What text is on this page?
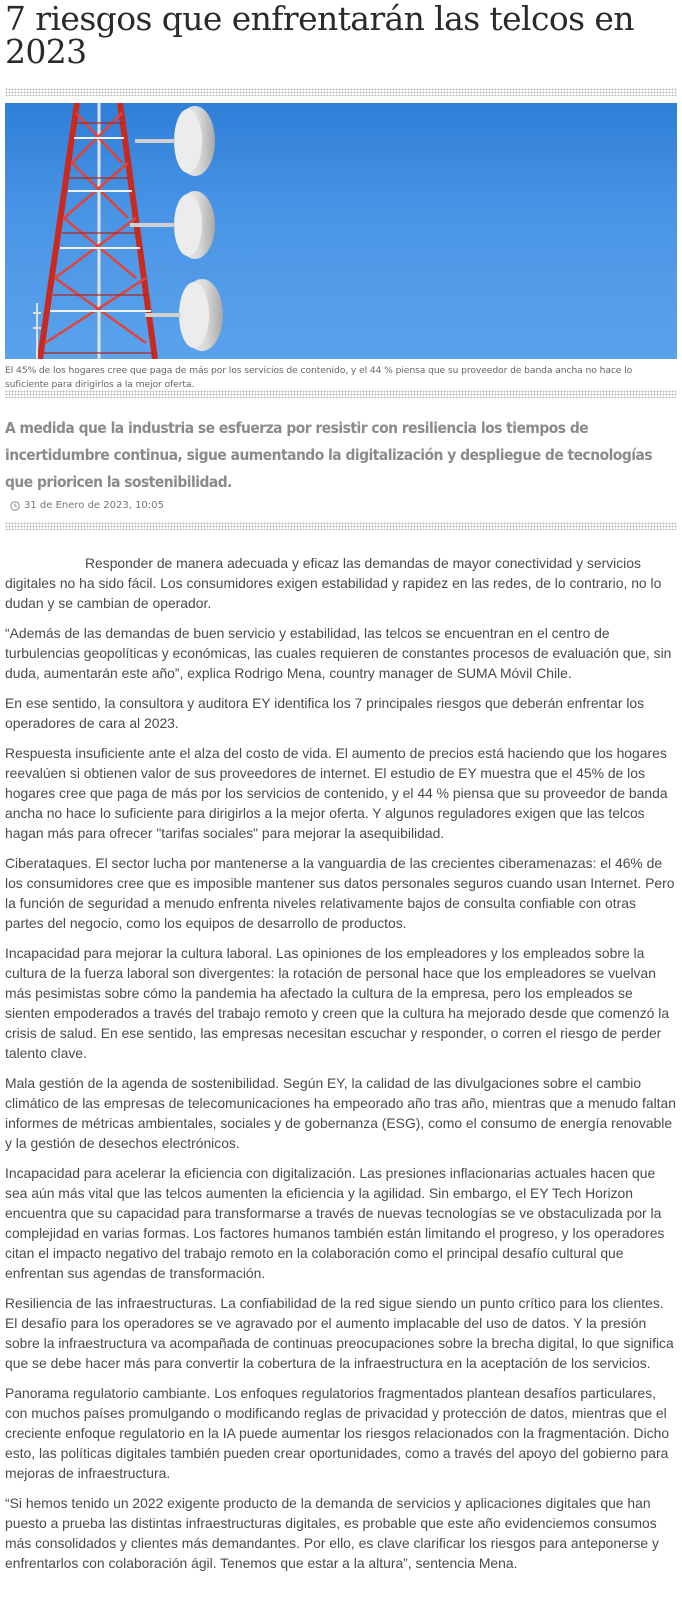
7 riesgos que enfrentarán las telcos en 2023
El 45% de los hogares cree que paga de más por los servicios de contenido, y el 44 % piensa que su proveedor de banda ancha no hace lo suficiente para dirigirlos a la mejor oferta.

A medida que la industria se esfuerza por resistir con resiliencia los tiempos de incertidumbre continua, sigue aumentando la digitalización y despliegue de tecnologías que prioricen la sostenibilidad.

31 de Enero de 2023, 10:05

Responder de manera adecuada y eficaz las demandas de mayor conectividad y servicios digitales no ha sido fácil. Los consumidores exigen estabilidad y rapidez en las redes, de lo contrario, no lo dudan y se cambian de operador.

“Además de las demandas de buen servicio y estabilidad, las telcos se encuentran en el centro de turbulencias geopolíticas y económicas, las cuales requieren de constantes procesos de evaluación que, sin duda, aumentarán este año”, explica Rodrigo Mena, country manager de SUMA Móvil Chile.

En ese sentido, la consultora y auditora EY identifica los 7 principales riesgos que deberán enfrentar los operadores de cara al 2023.

Respuesta insuficiente ante el alza del costo de vida. El aumento de precios está haciendo que los hogares reevalúen si obtienen valor de sus proveedores de internet. El estudio de EY muestra que el 45% de los hogares cree que paga de más por los servicios de contenido, y el 44 % piensa que su proveedor de banda ancha no hace lo suficiente para dirigirlos a la mejor oferta. Y algunos reguladores exigen que las telcos hagan más para ofrecer "tarifas sociales" para mejorar la asequibilidad.

Ciberataques. El sector lucha por mantenerse a la vanguardia de las crecientes ciberamenazas: el 46% de los consumidores cree que es imposible mantener sus datos personales seguros cuando usan Internet. Pero la función de seguridad a menudo enfrenta niveles relativamente bajos de consulta confiable con otras partes del negocio, como los equipos de desarrollo de productos.

Incapacidad para mejorar la cultura laboral. Las opiniones de los empleadores y los empleados sobre la cultura de la fuerza laboral son divergentes: la rotación de personal hace que los empleadores se vuelvan más pesimistas sobre cómo la pandemia ha afectado la cultura de la empresa, pero los empleados se sienten empoderados a través del trabajo remoto y creen que la cultura ha mejorado desde que comenzó la crisis de salud. En ese sentido, las empresas necesitan escuchar y responder, o corren el riesgo de perder talento clave.

Mala gestión de la agenda de sostenibilidad. Según EY, la calidad de las divulgaciones sobre el cambio climático de las empresas de telecomunicaciones ha empeorado año tras año, mientras que a menudo faltan informes de métricas ambientales, sociales y de gobernanza (ESG), como el consumo de energía renovable y la gestión de desechos electrónicos.

Incapacidad para acelerar la eficiencia con digitalización. Las presiones inflacionarias actuales hacen que sea aún más vital que las telcos aumenten la eficiencia y la agilidad. Sin embargo, el EY Tech Horizon encuentra que su capacidad para transformarse a través de nuevas tecnologías se ve obstaculizada por la complejidad en varias formas. Los factores humanos también están limitando el progreso, y los operadores citan el impacto negativo del trabajo remoto en la colaboración como el principal desafío cultural que enfrentan sus agendas de transformación.

Resiliencia de las infraestructuras. La confiabilidad de la red sigue siendo un punto crítico para los clientes. El desafío para los operadores se ve agravado por el aumento implacable del uso de datos. Y la presión sobre la infraestructura va acompañada de continuas preocupaciones sobre la brecha digital, lo que significa que se debe hacer más para convertir la cobertura de la infraestructura en la aceptación de los servicios.

Panorama regulatorio cambiante. Los enfoques regulatorios fragmentados plantean desafíos particulares, con muchos países promulgando o modificando reglas de privacidad y protección de datos, mientras que el creciente enfoque regulatorio en la IA puede aumentar los riesgos relacionados con la fragmentación. Dicho esto, las políticas digitales también pueden crear oportunidades, como a través del apoyo del gobierno para mejoras de infraestructura.

“Si hemos tenido un 2022 exigente producto de la demanda de servicios y aplicaciones digitales que han puesto a prueba las distintas infraestructuras digitales, es probable que este año evidenciemos consumos más consolidados y clientes más demandantes. Por ello, es clave clarificar los riesgos para anteponerse y enfrentarlos con colaboración ágil. Tenemos que estar a la altura”, sentencia Mena.
